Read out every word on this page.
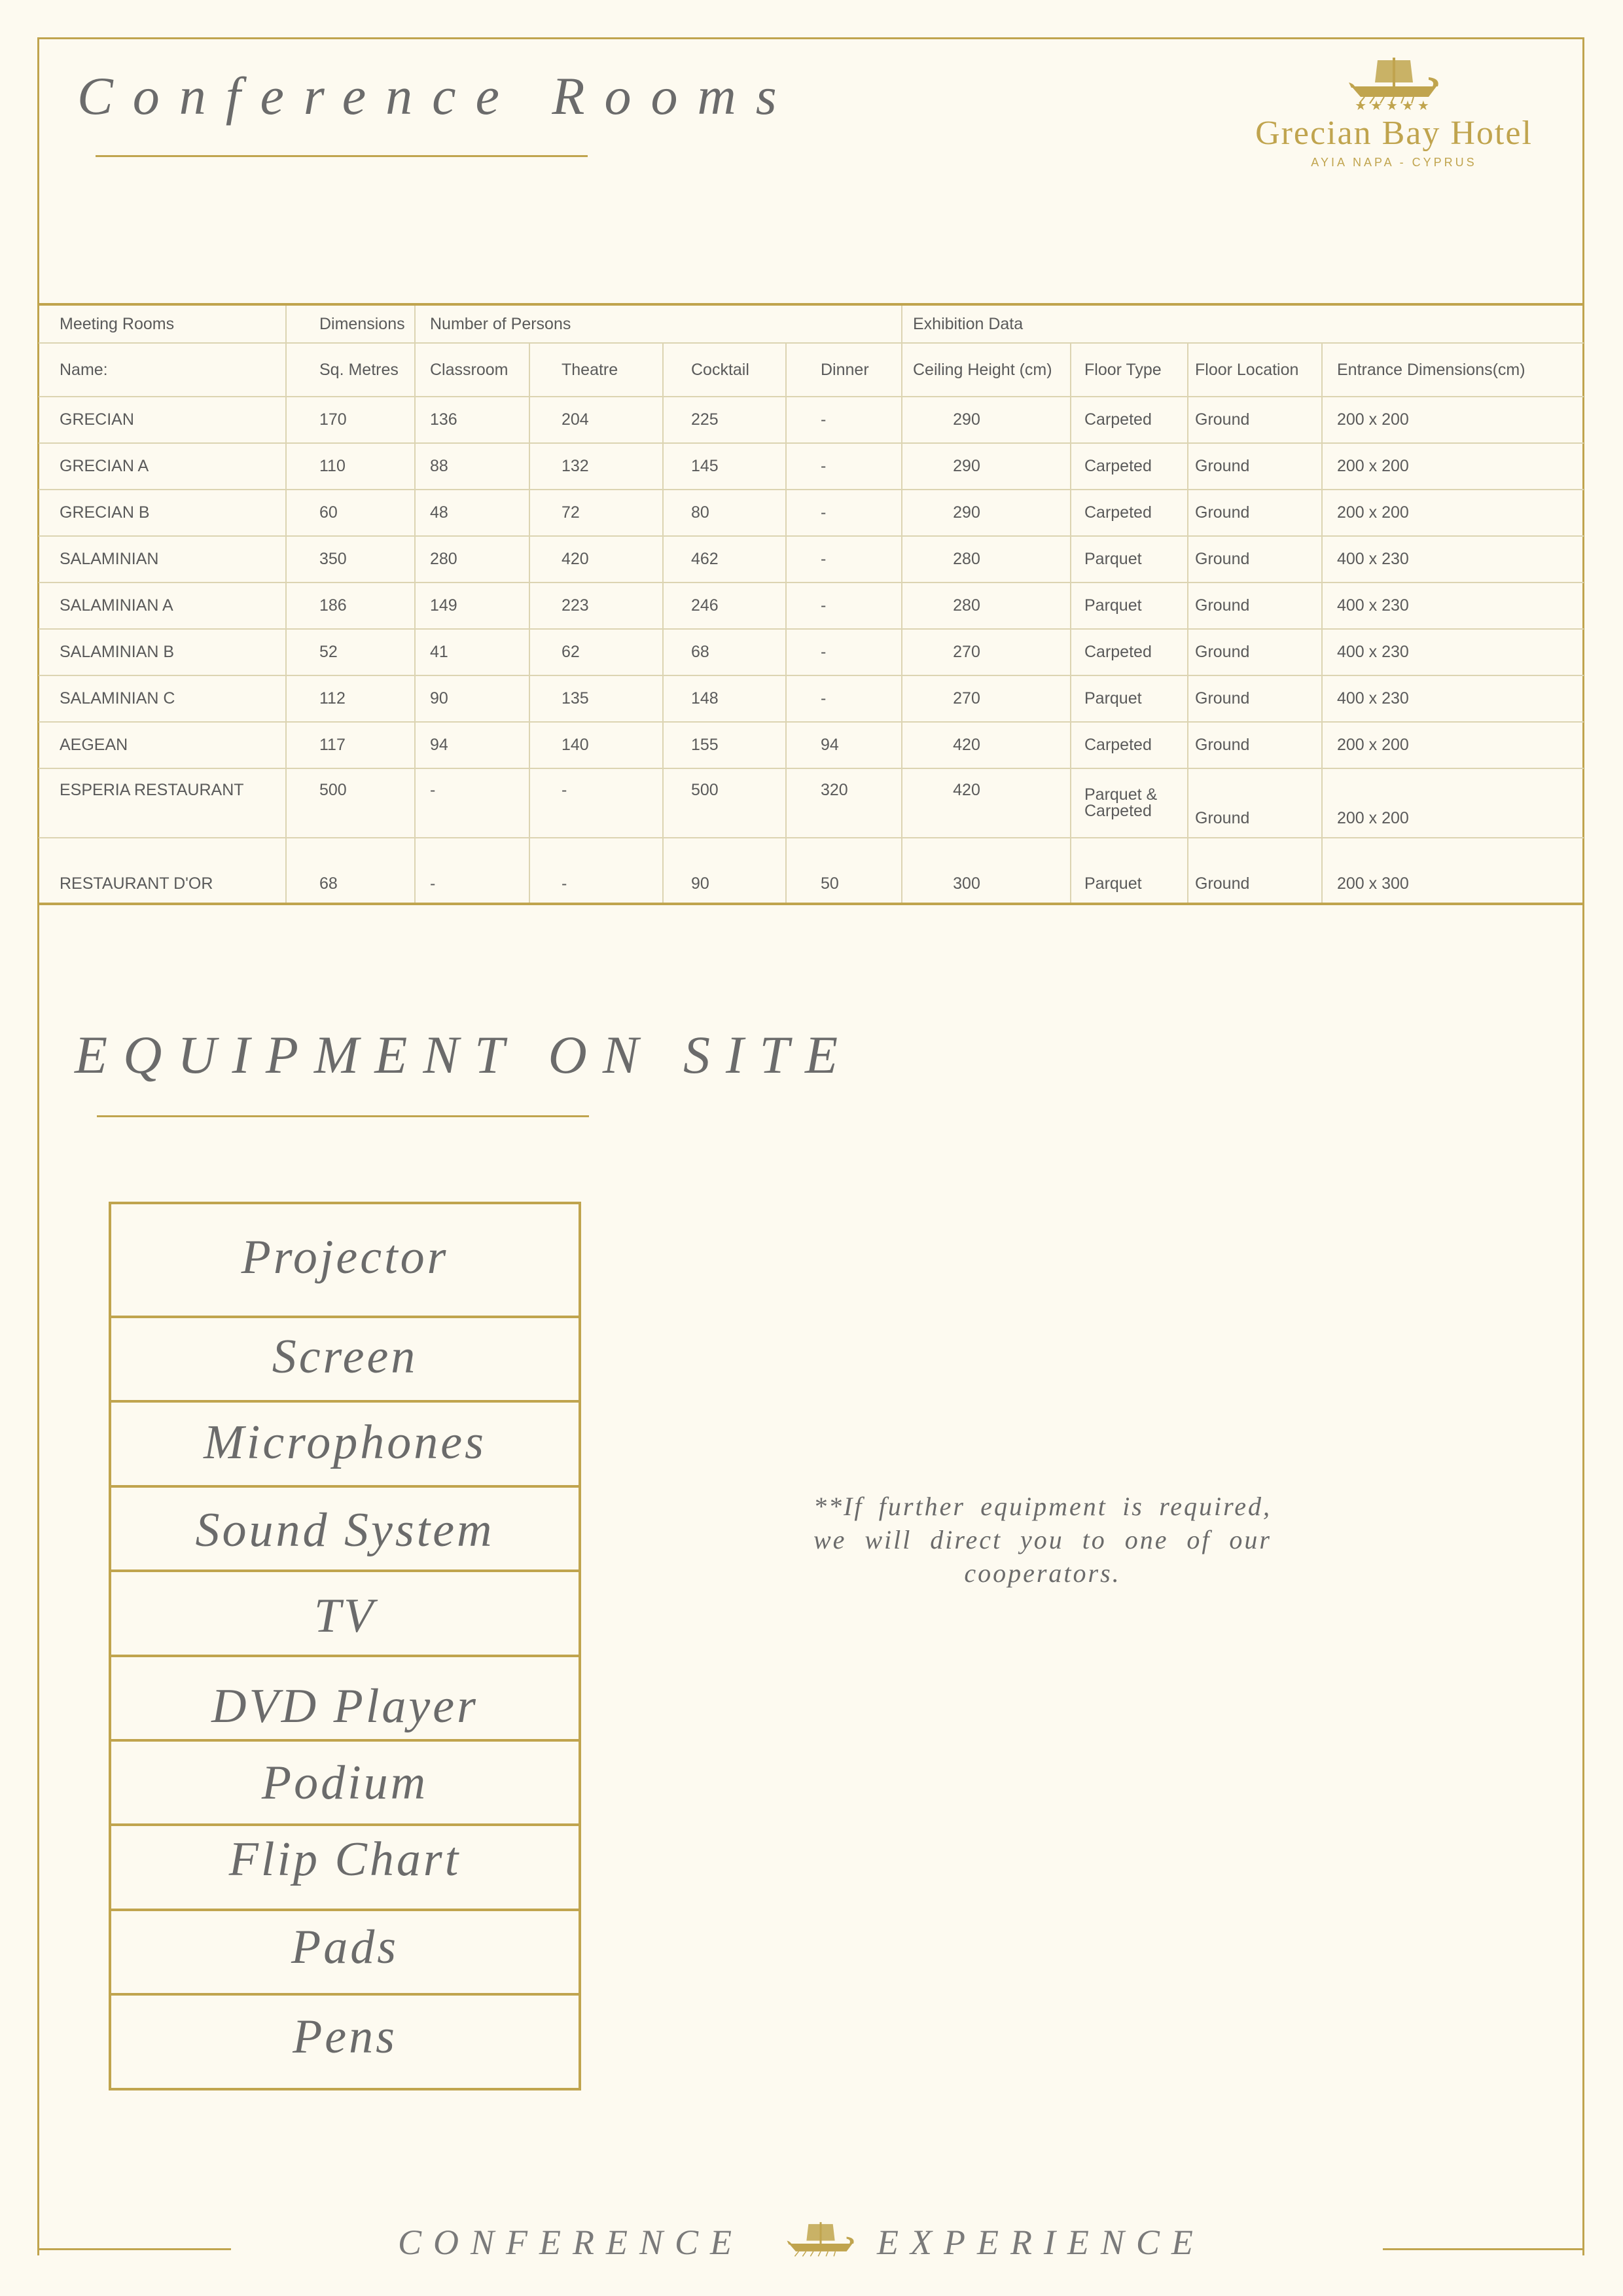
Conference Rooms	★★★★★
Grecian Bay Hotel
AYIA NAPA - CYPRUS
Meeting Rooms	Dimensions	Number of Persons				Exhibition Data			
Name:	Sq. Metres	Classroom	Theatre	Cocktail	Dinner	Ceiling Height (cm)	Floor Type	Floor Location	Entrance Dimensions(cm)
GRECIAN	170	136	204	225	-	290	Carpeted	Ground	200 x 200
GRECIAN A	110	88	132	145	-	290	Carpeted	Ground	200 x 200
GRECIAN B	60	48	72	80	-	290	Carpeted	Ground	200 x 200
SALAMINIAN	350	280	420	462	-	280	Parquet	Ground	400 x 230
SALAMINIAN A	186	149	223	246	-	280	Parquet	Ground	400 x 230
SALAMINIAN B	52	41	62	68	-	270	Carpeted	Ground	400 x 230
SALAMINIAN C	112	90	135	148	-	270	Parquet	Ground	400 x 230
AEGEAN	117	94	140	155	94	420	Carpeted	Ground	200 x 200
ESPERIA RESTAURANT	500	-	-	500	320	420	Parquet & Carpeted	Ground	200 x 200
RESTAURANT D'OR	68	-	-	90	50	300	Parquet	Ground	200 x 300
EQUIPMENT ON SITE
Projector
Screen
Microphones
Sound System
TV
DVD Player
Podium
Flip Chart
Pads
Pens
**If further equipment is required, we will direct you to one of our cooperators.
CONFERENCE	EXPERIENCE
